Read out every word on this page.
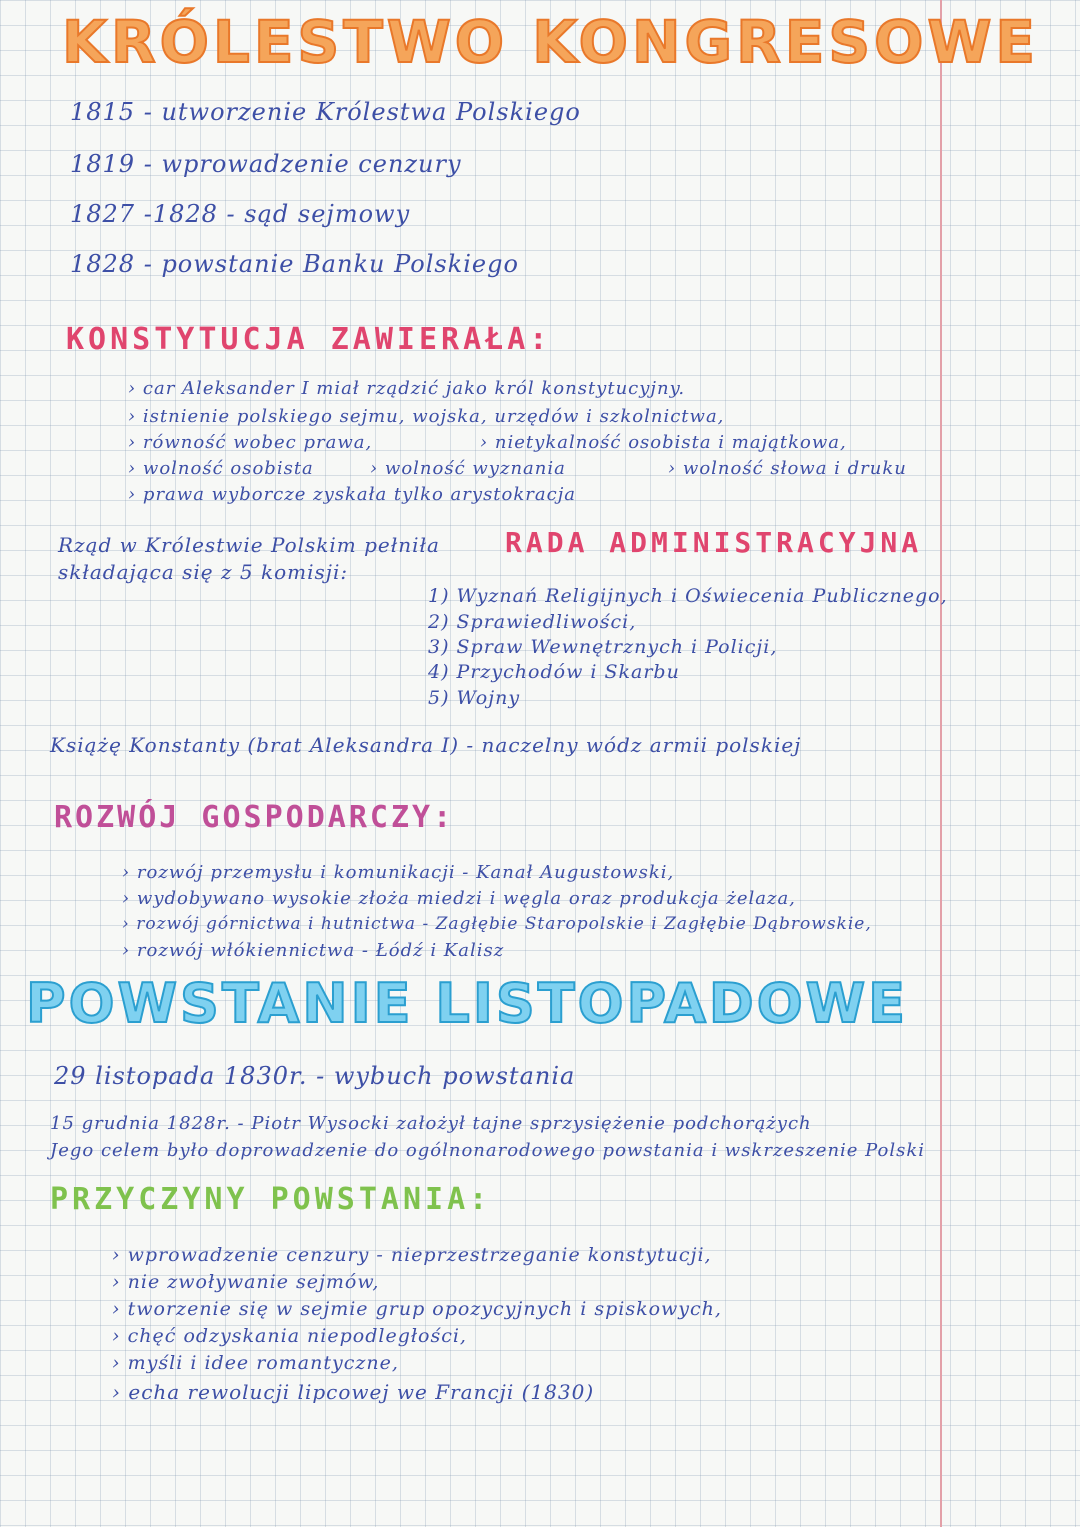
KRÓLESTWO KONGRESOWE
1815 - utworzenie Królestwa Polskiego
1819 - wprowadzenie cenzury
1827 -1828 - sąd sejmowy
1828 - powstanie Banku Polskiego
KONSTYTUCJA ZAWIERAŁA:
› car Aleksander I miał rządzić jako król konstytucyjny.
› istnienie polskiego sejmu, wojska, urzędów i szkolnictwa,
› równość wobec prawa,	› nietykalność osobista i majątkowa,
› wolność osobista	› wolność wyznania	› wolność słowa i druku
› prawa wyborcze zyskała tylko arystokracja
Rząd w Królestwie Polskim pełniła RADA ADMINISTRACYJNA
składająca się z 5 komisji:
1) Wyznań Religijnych i Oświecenia Publicznego,
2) Sprawiedliwości,
3) Spraw Wewnętrznych i Policji,
4) Przychodów i Skarbu
5) Wojny
Książę Konstanty (brat Aleksandra I) - naczelny wódz armii polskiej
ROZWÓJ GOSPODARCZY:
› rozwój przemysłu i komunikacji - Kanał Augustowski,
› wydobywano wysokie złoża miedzi i węgla oraz produkcja żelaza,
› rozwój górnictwa i hutnictwa - Zagłębie Staropolskie i Zagłębie Dąbrowskie,
› rozwój włókiennictwa - Łódź i Kalisz
POWSTANIE LISTOPADOWE
29 listopada 1830r. - wybuch powstania
15 grudnia 1828r. - Piotr Wysocki założył tajne sprzysiężenie podchorążych
Jego celem było doprowadzenie do ogólnonarodowego powstania i wskrzeszenie Polski
PRZYCZYNY POWSTANIA:
› wprowadzenie cenzury - nieprzestrzeganie konstytucji,
› nie zwoływanie sejmów,
› tworzenie się w sejmie grup opozycyjnych i spiskowych,
› chęć odzyskania niepodległości,
› myśli i idee romantyczne,
› echa rewolucji lipcowej we Francji (1830)
